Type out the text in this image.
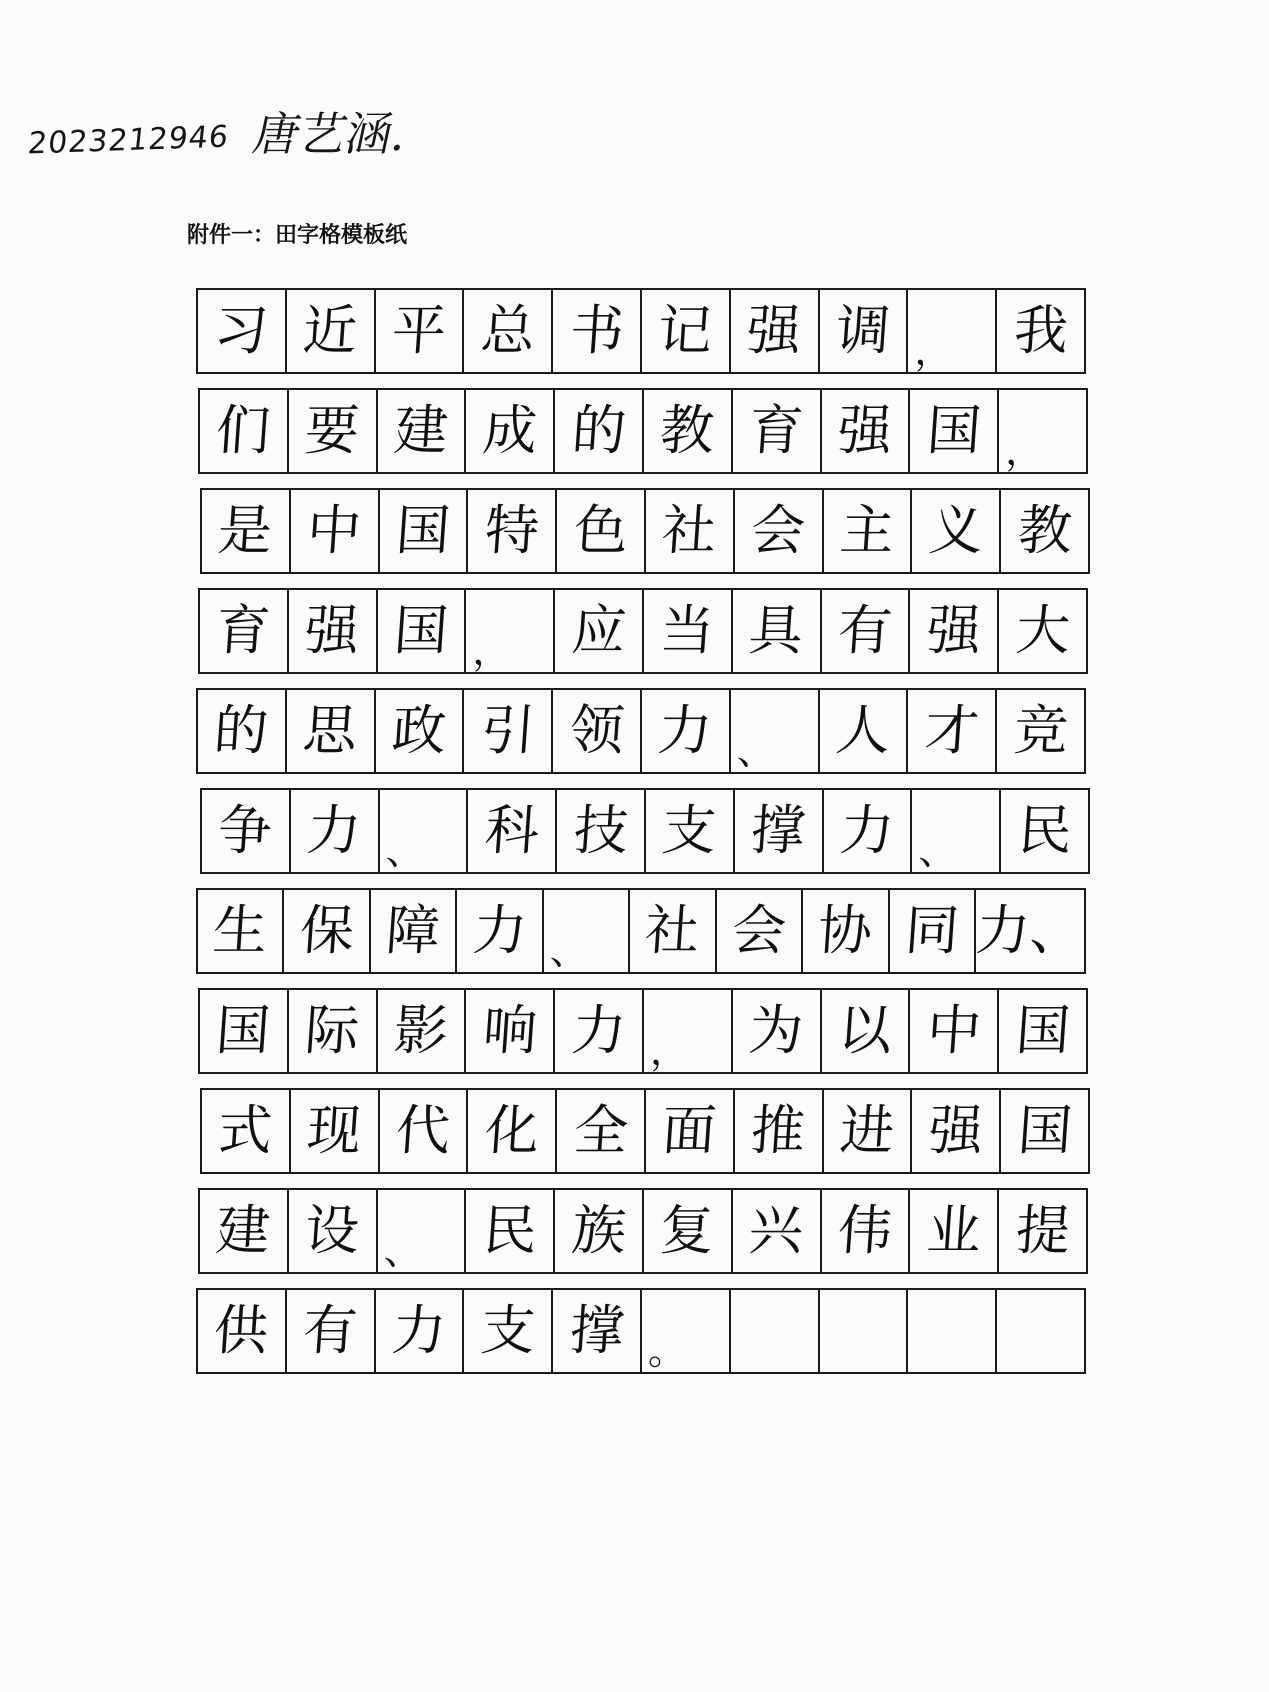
2023212946 唐艺涵.
附件一：田字格模板纸
习 近 平 总 书 记 强 调 ， 我
们 要 建 成 的 教 育 强 国 ，
是 中 国 特 色 社 会 主 义 教
育 强 国 ， 应 当 具 有 强 大
的 思 政 引 领 力 、 人 才 竞
争 力 、 科 技 支 撑 力 、 民
生 保 障 力 、 社 会 协 同 力、
国 际 影 响 力 ， 为 以 中 国
式 现 代 化 全 面 推 进 强 国
建 设 、 民 族 复 兴 伟 业 提
供 有 力 支 撑 。
